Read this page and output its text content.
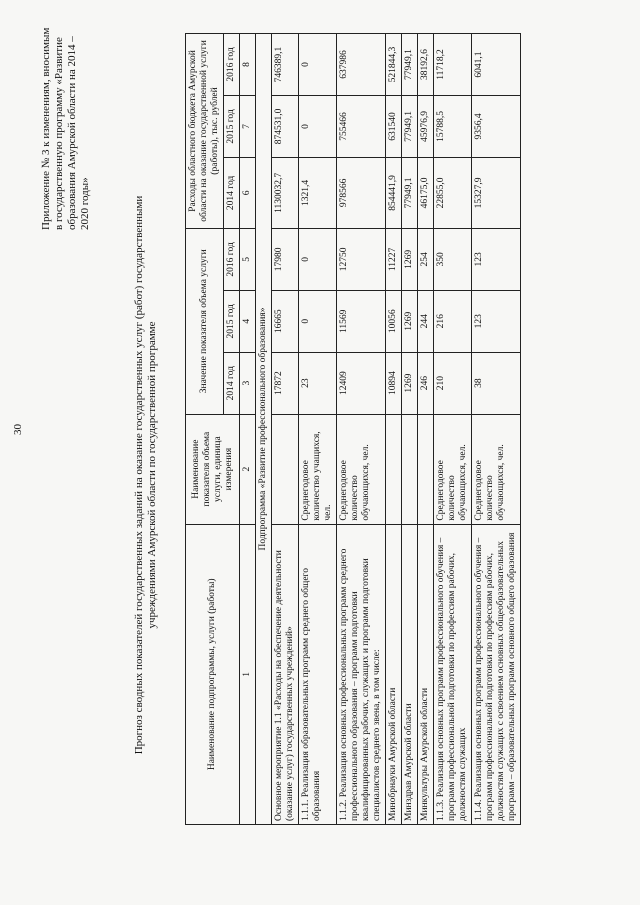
30
Приложение № 3 к изменениям, вносимым в государственную программу «Развитие образования Амурской области на 2014 – 2020 годы»	Прогноз сводных показателей государственных заданий на оказание государственных услуг (работ) государственными учреждениями Амурской области по государственной программе
Наименование подпрограммы, услуги (работы)	Наименование показателя объема услуги, единица измерения	Значение показателя объема услуги			Расходы областного бюджета Амурской области на оказание государственной услуги (работы), тыс. рублей		
		2014 год	2015 год	2016 год	2014 год	2015 год	2016 год
1	2	3	4	5	6	7	8
Подпрограмма «Развитие профессионального образования»							
Основное мероприятие 1.1 «Расходы на обеспечение деятельности (оказание услуг) государственных учреждений»		17872	16665	17980	1130032,7	874531,0	746389,1
1.1.1. Реализация образовательных программ среднего общего образования	Среднегодовое количество учащихся, чел.	23	0	0	1321,4	0	0
1.1.2. Реализация основных профессиональных программ среднего профессионального образования – программ подготовки квалифицированных рабочих, служащих и программ подготовки специалистов среднего звена, в том числе:	Среднегодовое количество обучающихся, чел.	12409	11569	12750	978566	755466	637986
Минобрнауки Амурской области		10894	10056	11227	854441,9	631540	521844,3
Минздрав Амурской области		1269	1269	1269	77949,1	77949,1	77949,1
Минкультуры Амурской области		246	244	254	46175,0	45976,9	38192,6
1.1.3. Реализация основных программ профессионального обучения – программ профессиональной подготовки по профессиям рабочих, должностям служащих	Среднегодовое количество обучающихся, чел.	210	216	350	22855,0	15788,5	11718,2
1.1.4. Реализация основных программ профессионального обучения – программ профессиональной подготовки по профессиям рабочих, должностям служащих с освоением основных общеобразовательных программ – образовательных программ основного общего образования	Среднегодовое количество обучающихся, чел.	38	123	123	15327,9	9356,4	6041,1
